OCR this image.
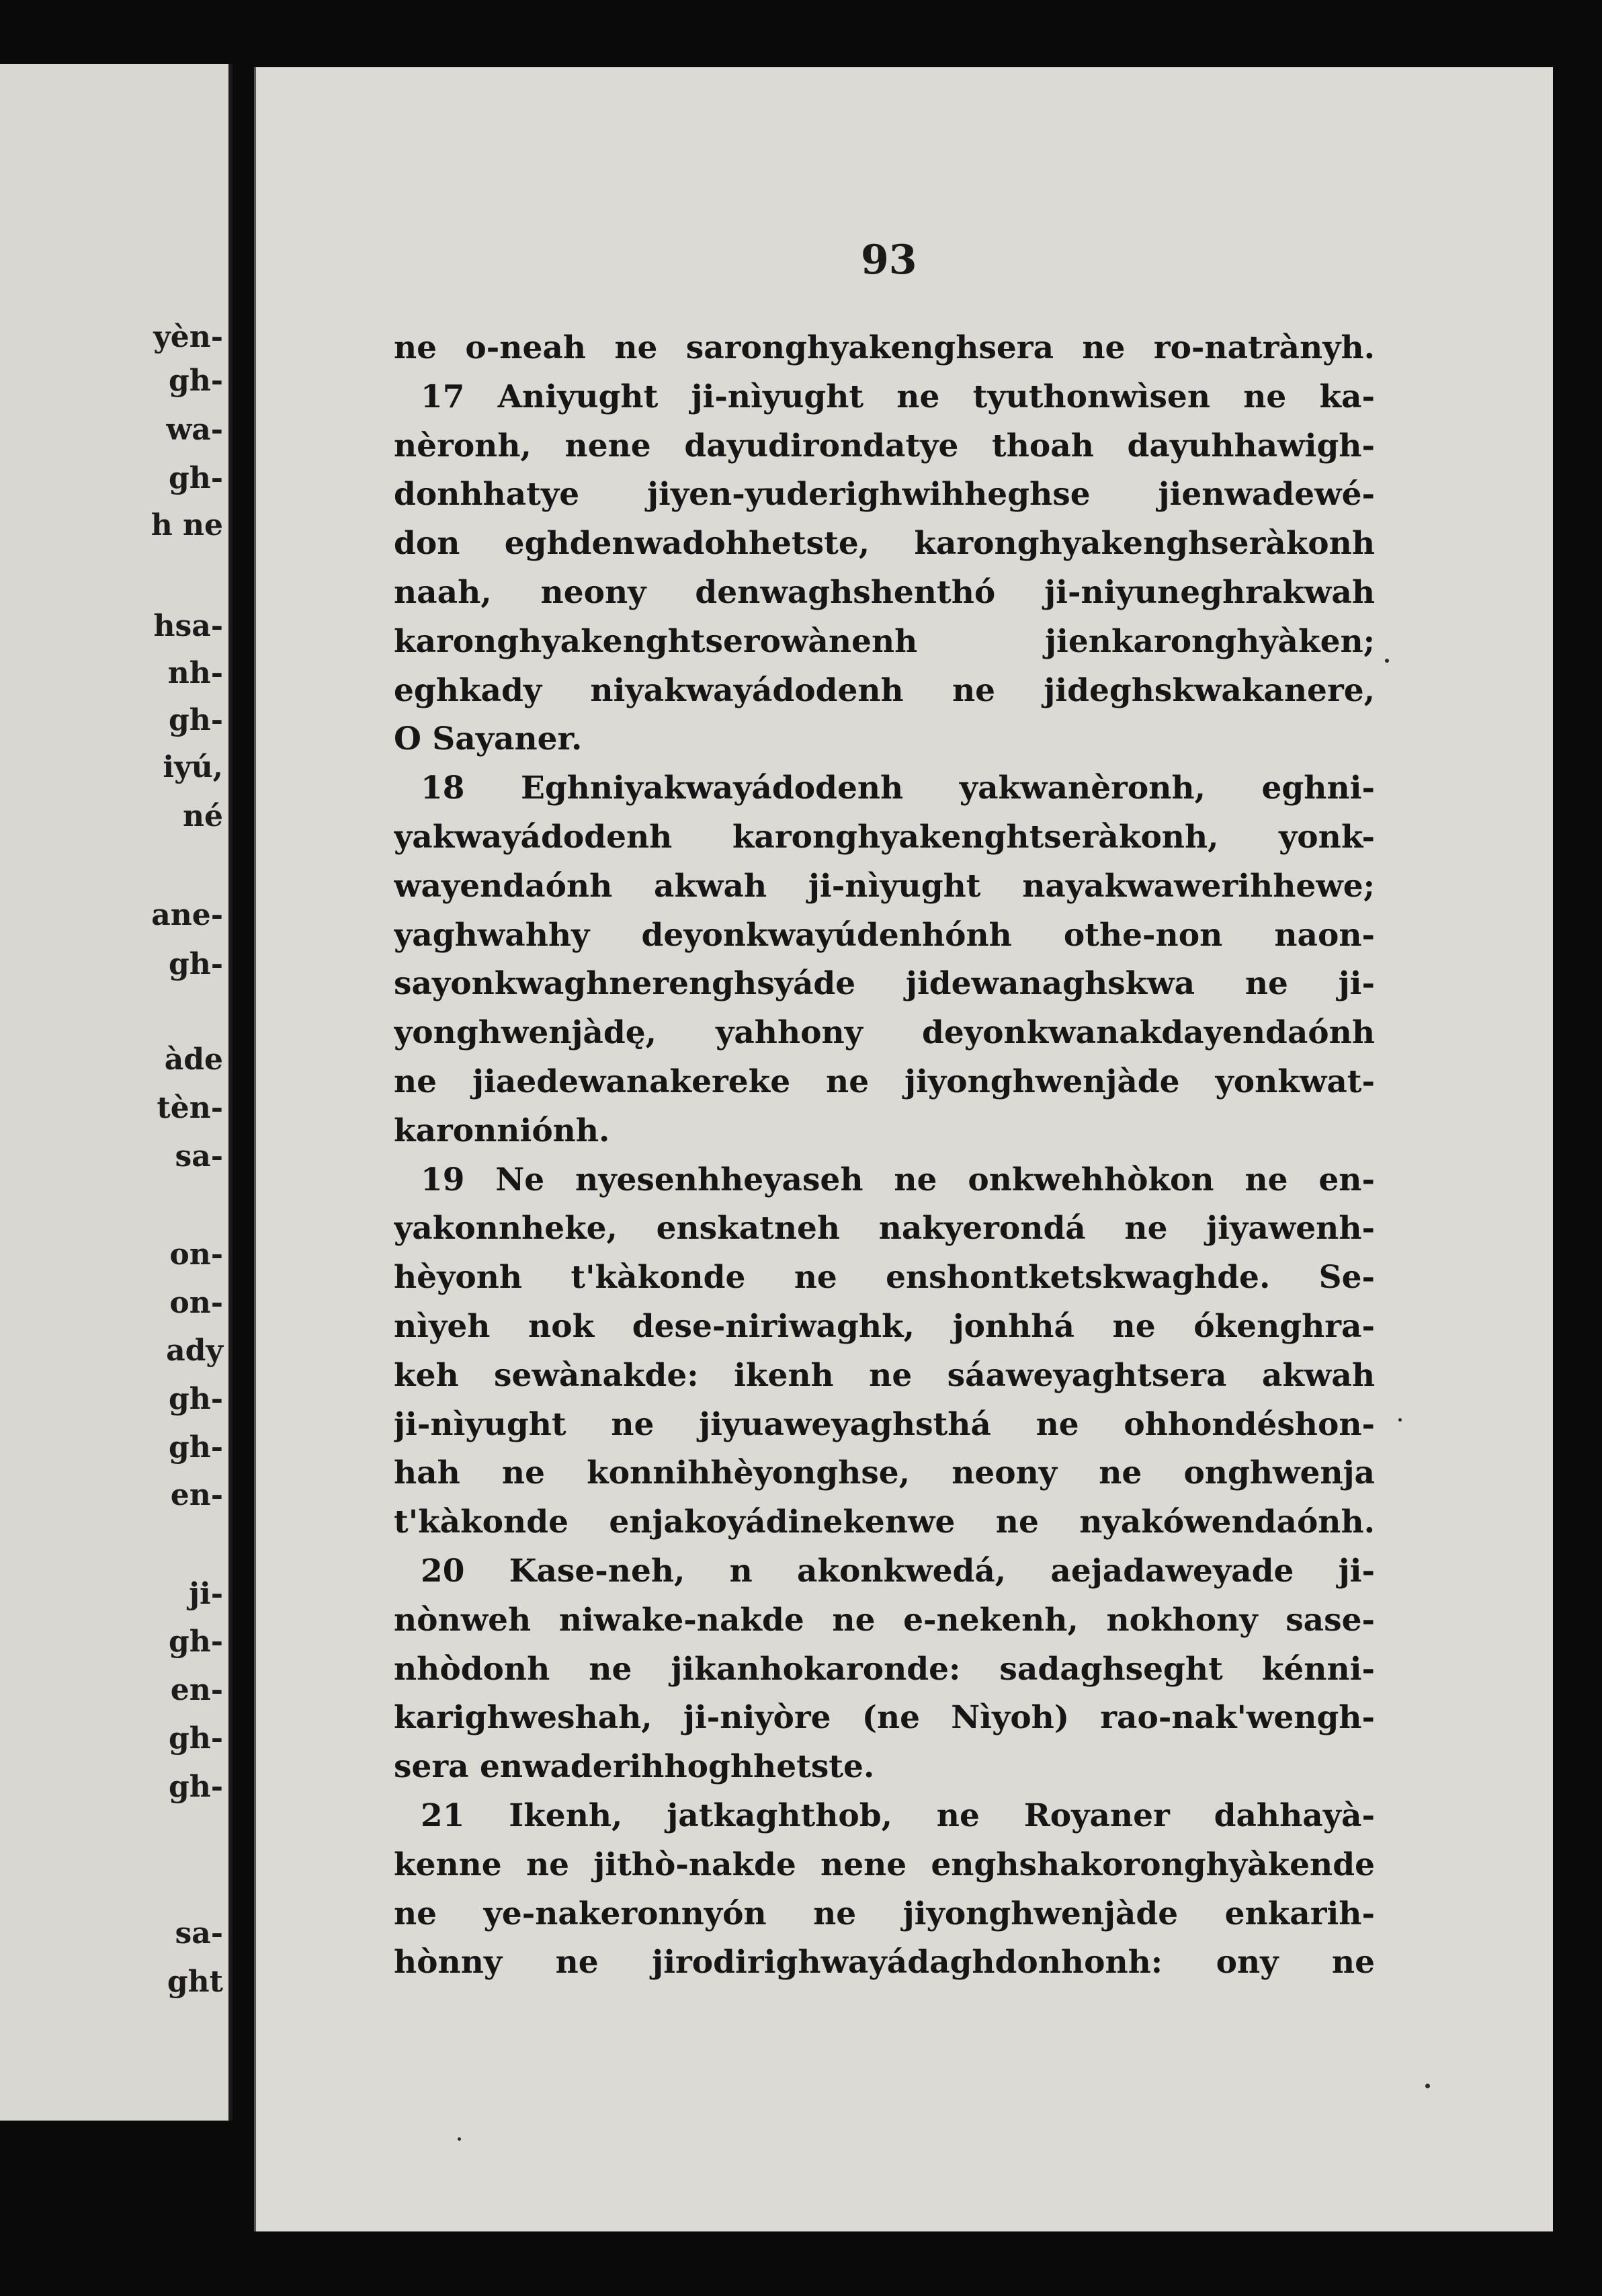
yèn-
gh-
wa-
gh-
h ne
hsa-
nh-
gh-
iyú,
né
ane-
gh-
àde
tèn-
sa-
on-
on-
ady
gh-
gh-
en-
ji-
gh-
en-
gh-
gh-
sa-
ght
93
ne o-neah ne saronghyakenghsera ne ro-natrànyh.
17 Aniyught ji-nìyught ne tyuthonwìsen ne ka-
nèronh, nene dayudirondatye thoah dayuhhawigh-
donhhatye jiyen-yuderighwihheghse jienwadewé-
don eghdenwadohhetste, karonghyakenghseràkonh
naah, neony denwaghshenthó ji-niyuneghrakwah
karonghyakenghtserowànenh jienkaronghyàken;
eghkady niyakwayádodenh ne jideghskwakanere,
O Sayaner.
18 Eghniyakwayádodenh yakwanèronh, eghni-
yakwayádodenh karonghyakenghtseràkonh, yonk-
wayendaónh akwah ji-nìyught nayakwawerihhewe;
yaghwahhy deyonkwayúdenhónh othe-non naon-
sayonkwaghnerenghsyáde jidewanaghskwa ne ji-
yonghwenjàdę, yahhony deyonkwanakdayendaónh
ne jiaedewanakereke ne jiyonghwenjàde yonkwat-
karonniónh.
19 Ne nyesenhheyaseh ne onkwehhòkon ne en-
yakonnheke, enskatneh nakyerondá ne jiyawenh-
hèyonh t'kàkonde ne enshontketskwaghde. Se-
nìyeh nok dese-niriwaghk, jonhhá ne ókenghra-
keh sewànakde: ikenh ne sáaweyaghtsera akwah
ji-nìyught ne jiyuaweyaghsthá ne ohhondéshon-
hah ne konnihhèyonghse, neony ne onghwenja
t'kàkonde enjakoyádinekenwe ne nyakówendaónh.
20 Kase-neh, n akonkwedá, aejadaweyade ji-
nònweh niwake-nakde ne e-nekenh, nokhony sase-
nhòdonh ne jikanhokaronde: sadaghseght kénni-
karighweshah, ji-niyòre (ne Nìyoh) rao-nak'wengh-
sera enwaderihhoghhetste.
21 Ikenh, jatkaghthob, ne Royaner dahhayà-
kenne ne jithò-nakde nene enghshakoronghyàkende
ne ye-nakeronnyón ne jiyonghwenjàde enkarih-
hònny ne jirodirighwayádaghdonhonh: ony ne
